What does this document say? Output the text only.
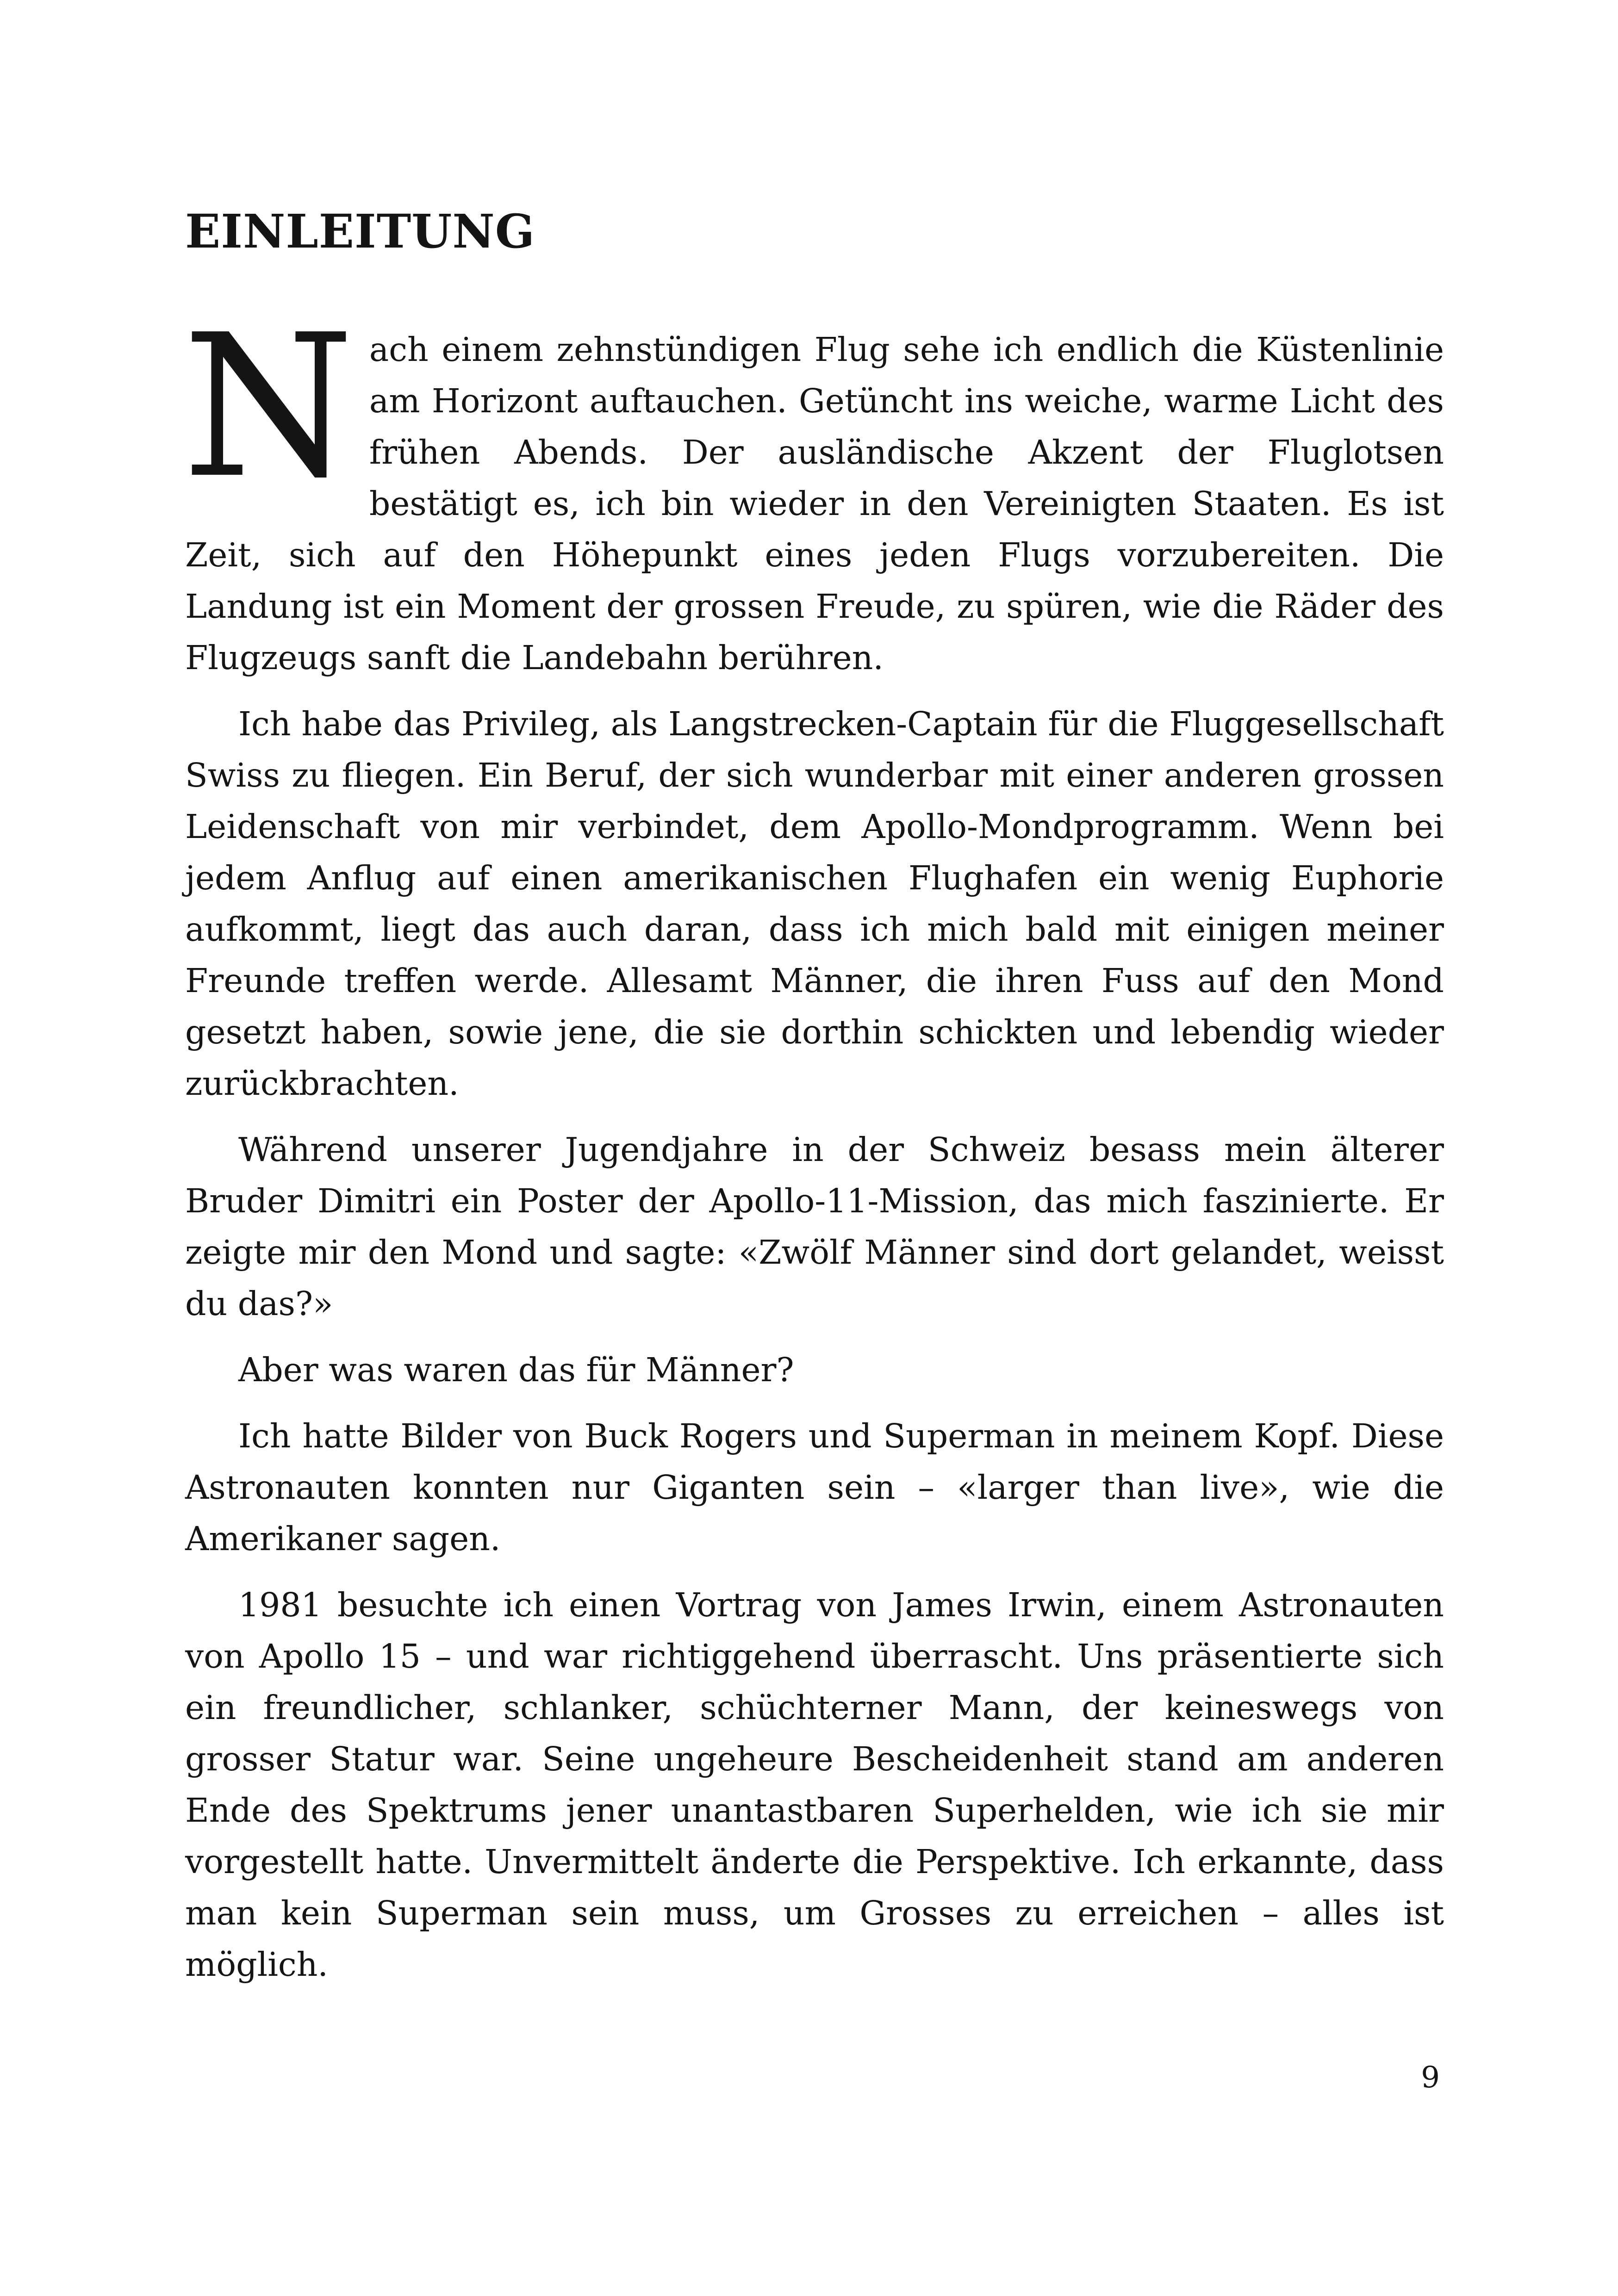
EINLEITUNG

Nach einem zehnstündigen Flug sehe ich endlich die Küstenlinie am Horizont auftauchen. Getüncht ins weiche, warme Licht des frühen Abends. Der ausländische Akzent der Fluglotsen bestätigt es, ich bin wieder in den Vereinigten Staaten. Es ist Zeit, sich auf den Höhepunkt eines jeden Flugs vorzubereiten. Die Landung ist ein Moment der grossen Freude, zu spüren, wie die Räder des Flugzeugs sanft die Landebahn berühren.

Ich habe das Privileg, als Langstrecken-Captain für die Fluggesellschaft Swiss zu fliegen. Ein Beruf, der sich wunderbar mit einer anderen grossen Leidenschaft von mir verbindet, dem Apollo-Mondprogramm. Wenn bei jedem Anflug auf einen amerikanischen Flughafen ein wenig Euphorie aufkommt, liegt das auch daran, dass ich mich bald mit einigen meiner Freunde treffen werde. Allesamt Männer, die ihren Fuss auf den Mond gesetzt haben, sowie jene, die sie dorthin schickten und lebendig wieder zurückbrachten.

Während unserer Jugendjahre in der Schweiz besass mein älterer Bruder Dimitri ein Poster der Apollo-11-Mission, das mich faszinierte. Er zeigte mir den Mond und sagte: «Zwölf Männer sind dort gelandet, weisst du das?»

Aber was waren das für Männer?

Ich hatte Bilder von Buck Rogers und Superman in meinem Kopf. Diese Astronauten konnten nur Giganten sein – «larger than live», wie die Amerikaner sagen.

1981 besuchte ich einen Vortrag von James Irwin, einem Astronauten von Apollo 15 – und war richtiggehend überrascht. Uns präsentierte sich ein freundlicher, schlanker, schüchterner Mann, der keineswegs von grosser Statur war. Seine ungeheure Bescheidenheit stand am anderen Ende des Spektrums jener unantastbaren Superhelden, wie ich sie mir vorgestellt hatte. Unvermittelt änderte die Perspektive. Ich erkannte, dass man kein Superman sein muss, um Grosses zu erreichen – alles ist möglich.

9
